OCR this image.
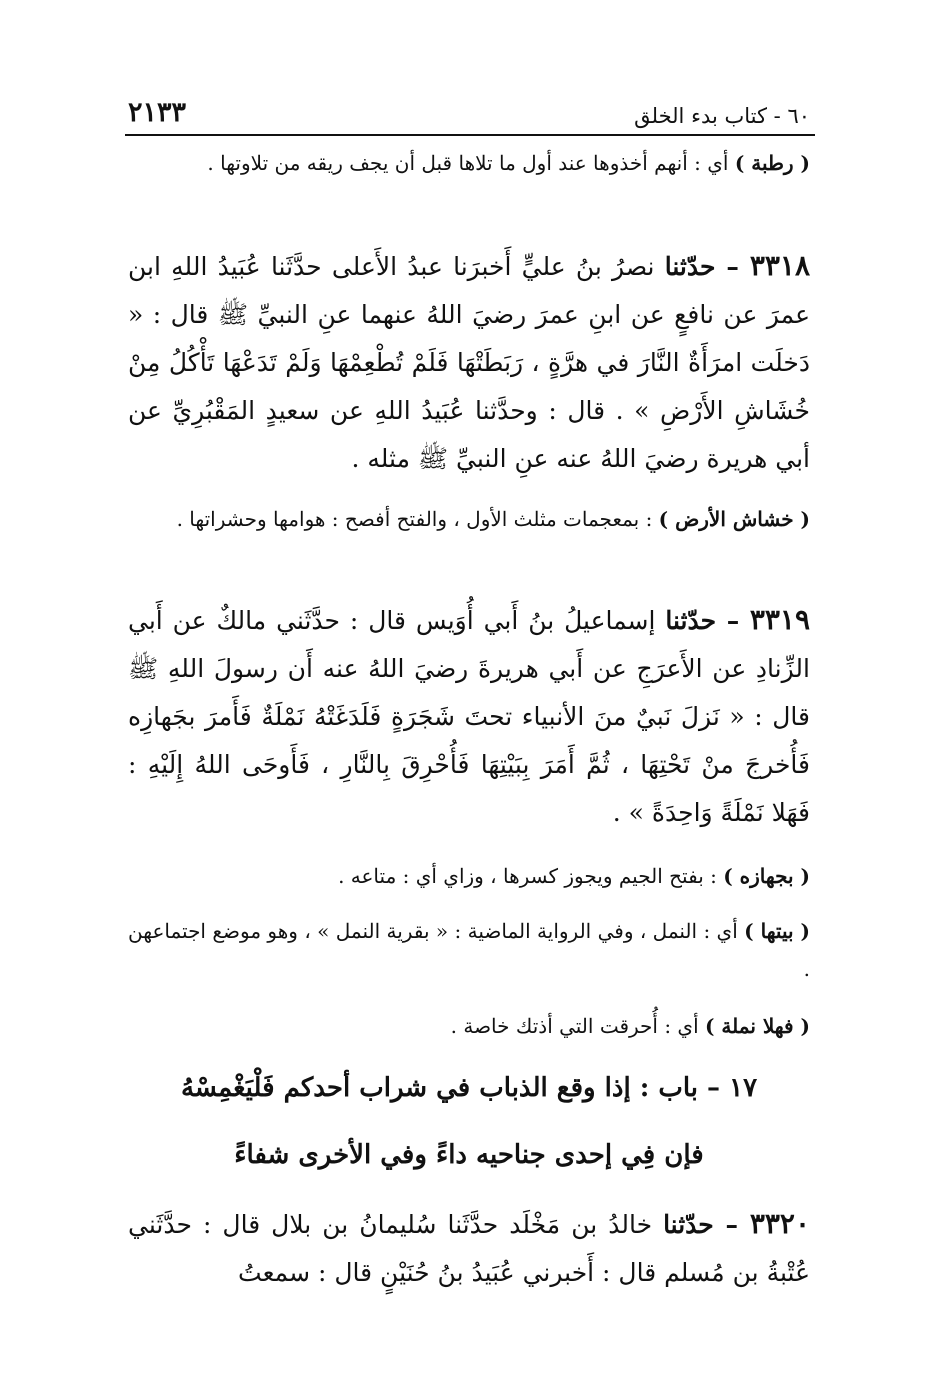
٦٠ - كتاب بدء الخلق
٢١٣٣
( رطبة ) أي : أنهم أخذوها عند أول ما تلاها قبل أن يجف ريقه من تلاوتها .
٣٣١٨ – حدّثنا نصرُ بنُ عليٍّ أَخبرَنا عبدُ الأَعلى حدَّثَنا عُبَيدُ اللهِ ابن عمرَ عن نافعٍ عن ابنِ عمرَ رضيَ اللهُ عنهما عنِ النبيِّ ﷺ قال : « دَخلَت امرَأَةٌ النَّارَ في هرَّةٍ ، رَبَطَتْهَا فَلَمْ تُطْعِمْهَا وَلَمْ تَدَعْهَا تَأْكُلُ مِنْ خُشَاشِ الأَرْضِ » . قال : وحدَّثنا عُبَيدُ اللهِ عن سعيدٍ المَقْبُرِيِّ عن أبي هريرة رضيَ اللهُ عنه عنِ النبيِّ ﷺ مثله .
( خشاش الأرض ) : بمعجمات مثلث الأول ، والفتح أفصح : هوامها وحشراتها .
٣٣١٩ – حدّثنا إسماعيلُ بنُ أَبي أُوَيس قال : حدَّثَني مالكٌ عن أَبي الزِّنادِ عن الأَعرَجِ عن أَبي هريرةَ رضيَ اللهُ عنه أَن رسولَ اللهِ ﷺ قال : « نَزلَ نَبيٌ منَ الأنبياء تحتَ شَجَرَةٍ فَلَدَغَتْهُ نَمْلَةٌ فَأَمرَ بجَهازِه فَأُخرجَ منْ تَحْتِهَا ، ثُمَّ أَمَرَ بِبَيْتِهَا فَأُحْرِقَ بِالنَّارِ ، فَأَوحَى اللهُ إِلَيْهِ : فَهَلا نَمْلَةً وَاحِدَةً » .
( بجهازه ) : بفتح الجيم ويجوز كسرها ، وزاي أي : متاعه .
( بيتها ) أي : النمل ، وفي الرواية الماضية : « بقرية النمل » ، وهو موضع اجتماعهن .
( فهلا نملة ) أي : أُحرقت التي أذتك خاصة .
١٧ – باب : إذا وقع الذباب في شراب أحدكم فَلْيَغْمِسْهُ
فإن فِي إحدى جناحيه داءً وفي الأخرى شفاءً
٣٣٢٠ – حدّثنا خالدُ بن مَخْلَد حدَّثَنا سُليمانُ بن بلال قال : حدَّثَني عُتْبةُ بن مُسلم قال : أَخبرني عُبَيدُ بنُ حُنَيْنٍ قال : سمعتُ
